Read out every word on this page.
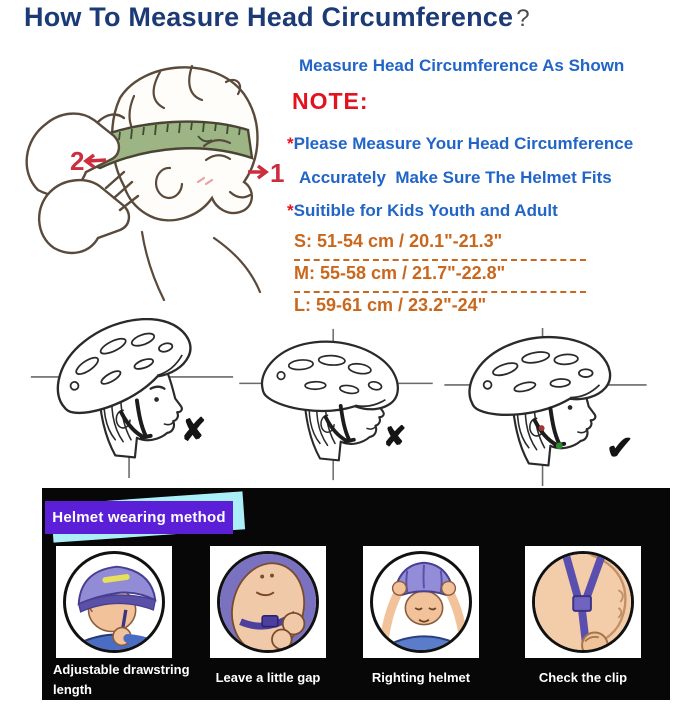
How To Measure Head Circumference ?
2	1
Measure Head Circumference As Shown
NOTE:
*Please Measure Your Head Circumference
Accurately  Make Sure The Helmet Fits
*Suitible for Kids Youth and Adult
S: 51-54 cm / 20.1"-21.3"
M: 55-58 cm / 21.7"-22.8"
L: 59-61 cm / 23.2"-24"
✘	✘	✔
Helmet wearing method
Adjustable drawstring length
Leave a little gap	Righting helmet	Check the clip
